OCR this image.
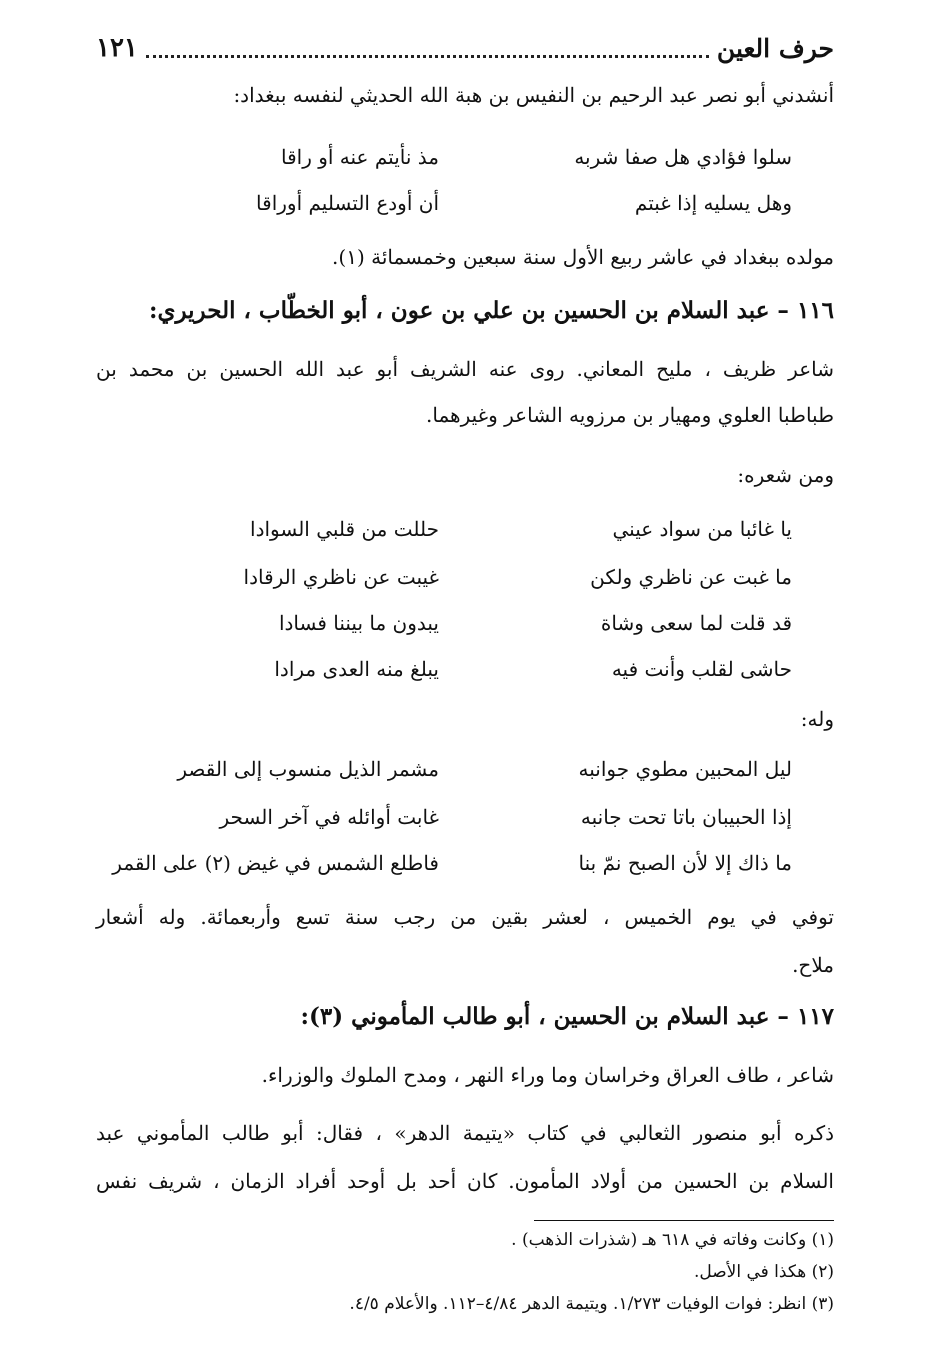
حرف العين
١٢١
أنشدني أبو نصر عبد الرحيم بن النفيس بن هبة الله الحديثي لنفسه ببغداد:
سلوا فؤادي هل صفا شربه
مذ نأيتم عنه أو راقا
وهل يسليه إذا غبتم
أن أودع التسليم أوراقا
مولده ببغداد في عاشر ربيع الأول سنة سبعين وخمسمائة (١).
١١٦ – عبد السلام بن الحسين بن علي بن عون ، أبو الخطّاب ، الحريري:
شاعر ظريف ، مليح المعاني. روى عنه الشريف أبو عبد الله الحسين بن محمد بن
طباطبا العلوي ومهيار بن مرزويه الشاعر وغيرهما.
ومن شعره:
يا غائبا من سواد عيني
حللت من قلبي السوادا
ما غبت عن ناظري ولكن
غيبت عن ناظري الرقادا
قد قلت لما سعى وشاة
يبدون ما بيننا فسادا
حاشى لقلب وأنت فيه
يبلغ منه العدى مرادا
وله:
ليل المحبين مطوي جوانبه
مشمر الذيل منسوب إلى القصر
إذا الحبيبان باتا تحت جانبه
غابت أوائله في آخر السحر
ما ذاك إلا لأن الصبح نمّ بنا
فاطلع الشمس في غيض (٢) على القمر
توفي في يوم الخميس ، لعشر بقين من رجب سنة تسع وأربعمائة. وله أشعار
ملاح.
١١٧ – عبد السلام بن الحسين ، أبو طالب المأموني (٣):
شاعر ، طاف العراق وخراسان وما وراء النهر ، ومدح الملوك والوزراء.
ذكره أبو منصور الثعالبي في كتاب «يتيمة الدهر» ، فقال: أبو طالب المأموني عبد
السلام بن الحسين من أولاد المأمون. كان أحد بل أوحد أفراد الزمان ، شريف نفس
(١) وكانت وفاته في ٦١٨ هـ (شذرات الذهب) .
(٢) هكذا في الأصل.
(٣) انظر: فوات الوفيات ١/٢٧٣. ويتيمة الدهر ٤/٨٤–١١٢. والأعلام ٤/٥.
